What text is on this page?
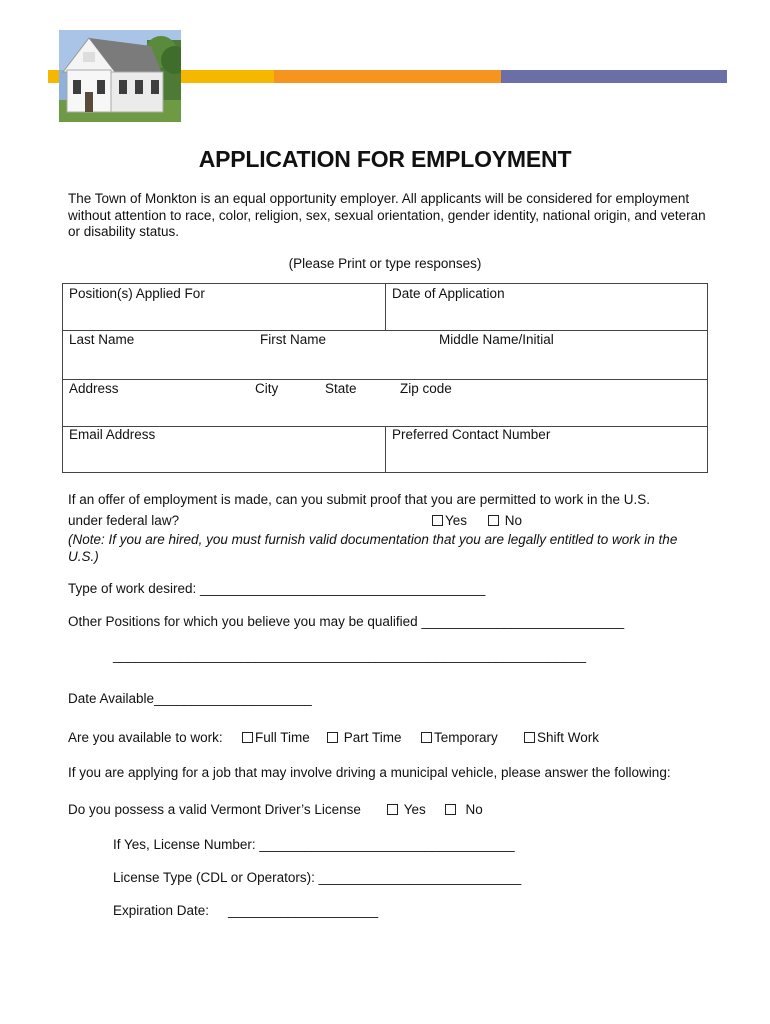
APPLICATION FOR EMPLOYMENT
The Town of Monkton is an equal opportunity employer. All applicants will be considered for employment without attention to race, color, religion, sex, sexual orientation, gender identity, national origin, and veteran or disability status.
(Please Print or type responses)
Position(s) Applied For	Date of Application
Last Name	First Name	Middle Name/Initial
Address	City	State	Zip code
Email Address	Preferred Contact Number
If an offer of employment is made, can you submit proof that you are permitted to work in the U.S.
under federal law?	Yes	No
(Note: If you are hired, you must furnish valid documentation that you are legally entitled to work in the U.S.)
Type of work desired: ______________________________________
Other Positions for which you believe you may be qualified ___________________________
_______________________________________________________________
Date Available_____________________
Are you available to work:	Full Time	Part Time	Temporary	Shift Work
If you are applying for a job that may involve driving a municipal vehicle, please answer the following:
Do you possess a valid Vermont Driver’s License	Yes	No
If Yes, License Number: __________________________________
License Type (CDL or Operators): ___________________________
Expiration Date: ____________________
